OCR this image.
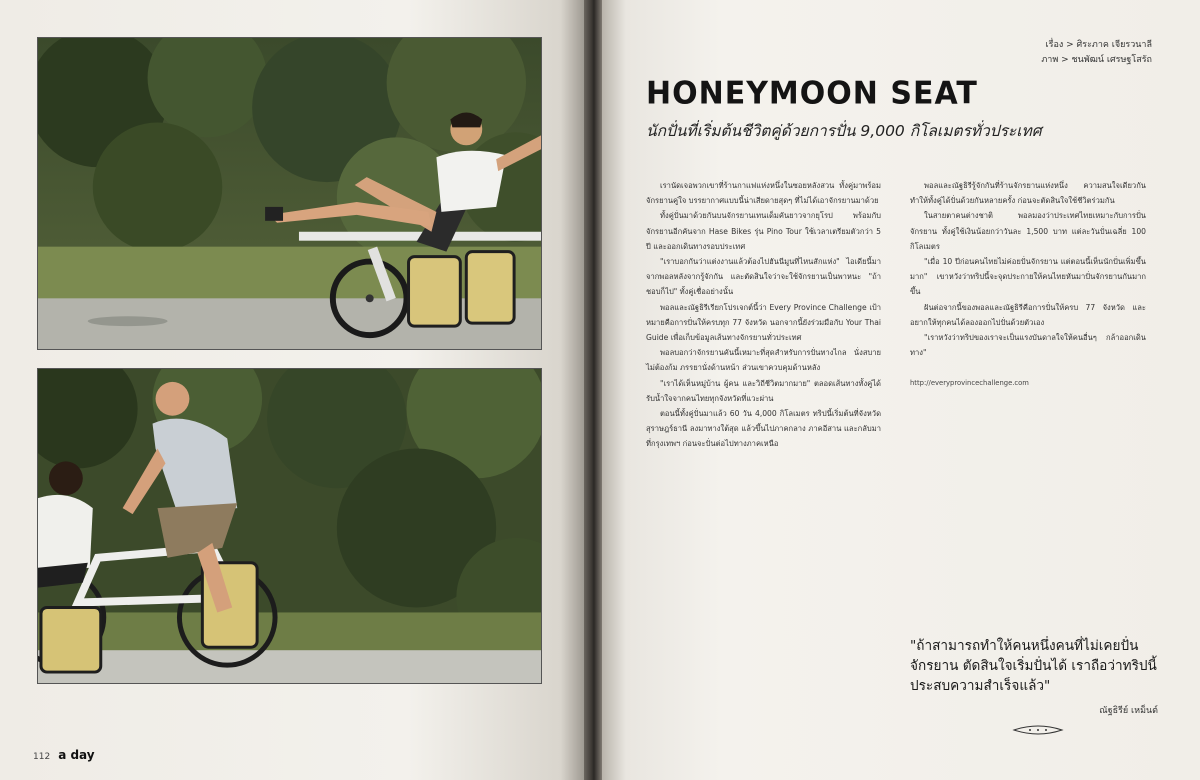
112 a day
เรื่อง > ศิระภาค เจียรวนาลี
ภาพ > ชนพัฒน์ เศรษฐโสรัถ
HONEYMOON SEAT
นักปั่นที่เริ่มต้นชีวิตคู่ด้วยการปั่น 9,000 กิโลเมตรทั่วประเทศ

เรานัดเจอพวกเขาที่ร้านกาแฟแห่งหนึ่งในซอยหลังสวน ทั้งคู่มาพร้อมจักรยานคู่ใจ บรรยากาศแบบนี้น่าเสียดายสุดๆ ที่ไม่ได้เอาจักรยานมาด้วย

ทั้งคู่ปั่นมาด้วยกันบนจักรยานเทนเด็มคันยาวจากยุโรป พร้อมกับจักรยานอีกคันจาก Hase Bikes รุ่น Pino Tour ใช้เวลาเตรียมตัวกว่า 5 ปี และออกเดินทางรอบประเทศ

"เราบอกกันว่าแต่งงานแล้วต้องไปฮันนีมูนที่ไหนสักแห่ง" ไอเดียนี้มาจากพอลหลังจากรู้จักกัน และตัดสินใจว่าจะใช้จักรยานเป็นพาหนะ "ถ้าชอบก็ไป" ทั้งคู่เชื่ออย่างนั้น

พอลและณัฐธิรีเรียกโปรเจกต์นี้ว่า Every Province Challenge เป้าหมายคือการปั่นให้ครบทุก 77 จังหวัด นอกจากนี้ยังร่วมมือกับ Your Thai Guide เพื่อเก็บข้อมูลเส้นทางจักรยานทั่วประเทศ

พอลบอกว่าจักรยานคันนี้เหมาะที่สุดสำหรับการปั่นทางไกล นั่งสบาย ไม่ต้องก้ม ภรรยานั่งด้านหน้า ส่วนเขาควบคุมด้านหลัง

"เราได้เห็นหมู่บ้าน ผู้คน และวิถีชีวิตมากมาย" ตลอดเส้นทางทั้งคู่ได้รับน้ำใจจากคนไทยทุกจังหวัดที่แวะผ่าน

ตอนนี้ทั้งคู่ปั่นมาแล้ว 60 วัน 4,000 กิโลเมตร ทริปนี้เริ่มต้นที่จังหวัดสุราษฎร์ธานี ลงมาทางใต้สุด แล้วขึ้นไปภาคกลาง ภาคอีสาน และกลับมาที่กรุงเทพฯ ก่อนจะปั่นต่อไปทางภาคเหนือ

พอลและณัฐธิรีรู้จักกันที่ร้านจักรยานแห่งหนึ่ง ความสนใจเดียวกันทำให้ทั้งคู่ได้ปั่นด้วยกันหลายครั้ง ก่อนจะตัดสินใจใช้ชีวิตร่วมกัน

ในสายตาคนต่างชาติ พอลมองว่าประเทศไทยเหมาะกับการปั่นจักรยาน ทั้งคู่ใช้เงินน้อยกว่าวันละ 1,500 บาท แต่ละวันปั่นเฉลี่ย 100 กิโลเมตร

"เมื่อ 10 ปีก่อนคนไทยไม่ค่อยปั่นจักรยาน แต่ตอนนี้เห็นนักปั่นเพิ่มขึ้นมาก" เขาหวังว่าทริปนี้จะจุดประกายให้คนไทยหันมาปั่นจักรยานกันมากขึ้น

ฝันต่อจากนี้ของพอลและณัฐธิรีคือการปั่นให้ครบ 77 จังหวัด และอยากให้ทุกคนได้ลองออกไปปั่นด้วยตัวเอง

"เราหวังว่าทริปของเราจะเป็นแรงบันดาลใจให้คนอื่นๆ กล้าออกเดินทาง"

http://everyprovincechallenge.com

"ถ้าสามารถทำให้คนหนึ่งคนที่ไม่เคยปั่นจักรยาน ตัดสินใจเริ่มปั่นได้ เราถือว่าทริปนี้ประสบความสำเร็จแล้ว"
ณัฐธิรีย์ เหม็นต์
